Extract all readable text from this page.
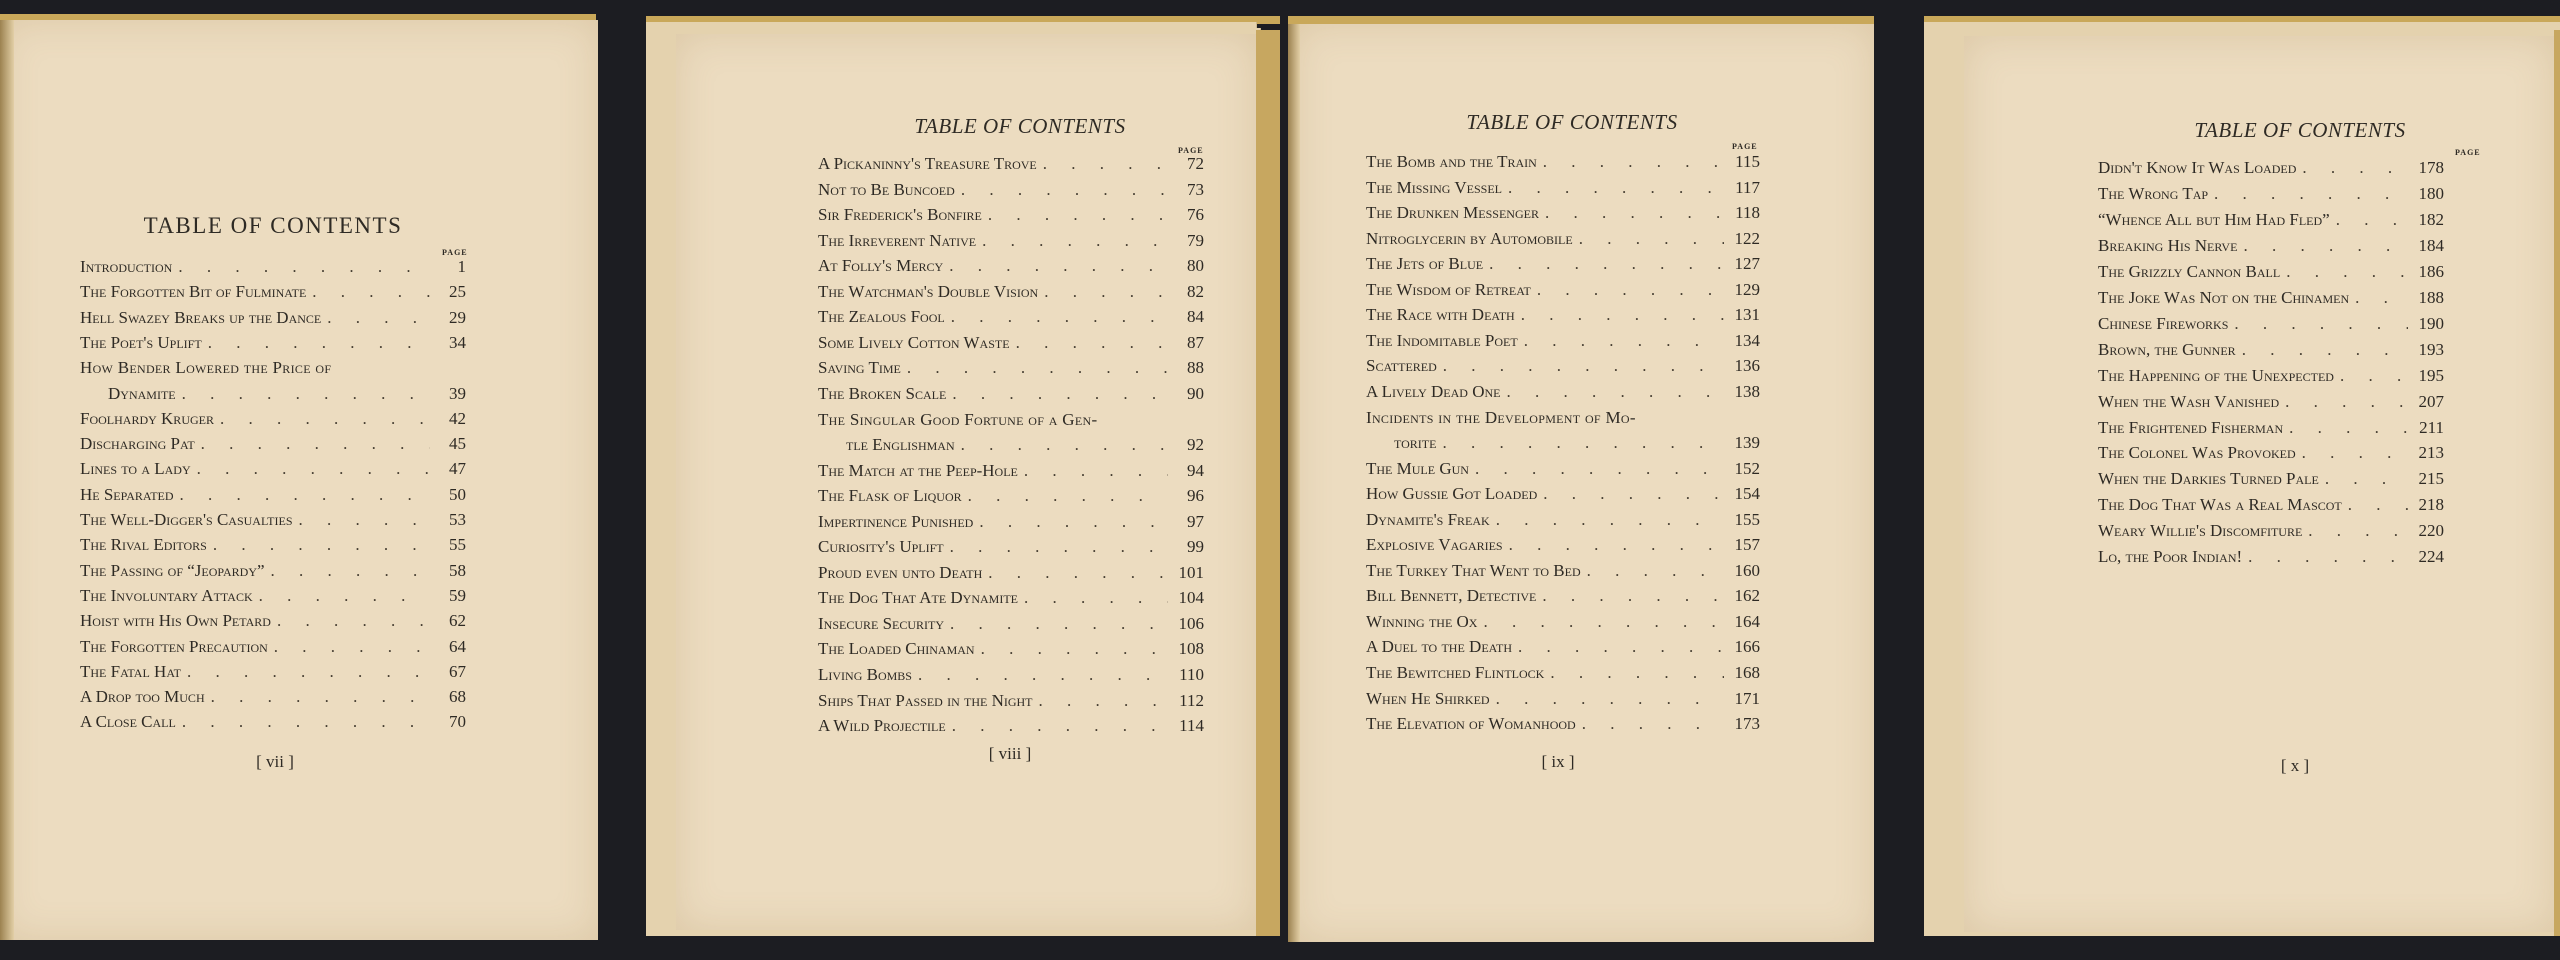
TABLE OF CONTENTS
PAGE
Introduction . . .	1
The Forgotten Bit of Fulminate . . .	25
Hell Swazey Breaks up the Dance . . .	29
The Poet's Uplift . . .	34
How Bender Lowered the Price of
Dynamite . . .	39
Foolhardy Kruger . . .	42
Discharging Pat . . .	45
Lines to a Lady . . .	47
He Separated . . .	50
The Well-Digger's Casualties . . .	53
The Rival Editors . . .	55
The Passing of “Jeopardy” . . .	58
The Involuntary Attack . . .	59
Hoist with His Own Petard . . .	62
The Forgotten Precaution . . .	64
The Fatal Hat . . .	67
A Drop too Much . . .	68
A Close Call . . .	70
[ vii ]
TABLE OF CONTENTS
PAGE
A Pickaninny's Treasure Trove . . .	72
Not to Be Buncoed . . .	73
Sir Frederick's Bonfire . . .	76
The Irreverent Native . . .	79
At Folly's Mercy . . .	80
The Watchman's Double Vision . . .	82
The Zealous Fool . . .	84
Some Lively Cotton Waste . . .	87
Saving Time . . .	88
The Broken Scale . . .	90
The Singular Good Fortune of a Gen-
tle Englishman . . .	92
The Match at the Peep-Hole . . .	94
The Flask of Liquor . . .	96
Impertinence Punished . . .	97
Curiosity's Uplift . . .	99
Proud even unto Death . . .	101
The Dog That Ate Dynamite . . .	104
Insecure Security . . .	106
The Loaded Chinaman . . .	108
Living Bombs . . .	110
Ships That Passed in the Night . . .	112
A Wild Projectile . . .	114
[ viii ]
TABLE OF CONTENTS
PAGE
The Bomb and the Train . . .	115
The Missing Vessel . . .	117
The Drunken Messenger . . .	118
Nitroglycerin by Automobile . . .	122
The Jets of Blue . . .	127
The Wisdom of Retreat . . .	129
The Race with Death . . .	131
The Indomitable Poet . . .	134
Scattered . . .	136
A Lively Dead One . . .	138
Incidents in the Development of Mo-
torite . . .	139
The Mule Gun . . .	152
How Gussie Got Loaded . . .	154
Dynamite's Freak . . .	155
Explosive Vagaries . . .	157
The Turkey That Went to Bed . . .	160
Bill Bennett, Detective . . .	162
Winning the Ox . . .	164
A Duel to the Death . . .	166
The Bewitched Flintlock . . .	168
When He Shirked . . .	171
The Elevation of Womanhood . . .	173
[ ix ]
TABLE OF CONTENTS
PAGE
Didn't Know It Was Loaded . . .	178
The Wrong Tap . . .	180
“Whence All but Him Had Fled” . . .	182
Breaking His Nerve . . .	184
The Grizzly Cannon Ball . . .	186
The Joke Was Not on the Chinamen . . .	188
Chinese Fireworks . . .	190
Brown, the Gunner . . .	193
The Happening of the Unexpected . . .	195
When the Wash Vanished . . .	207
The Frightened Fisherman . . .	211
The Colonel Was Provoked . . .	213
When the Darkies Turned Pale . . .	215
The Dog That Was a Real Mascot . . .	218
Weary Willie's Discomfiture . . .	220
Lo, the Poor Indian! . . .	224
[ x ]
